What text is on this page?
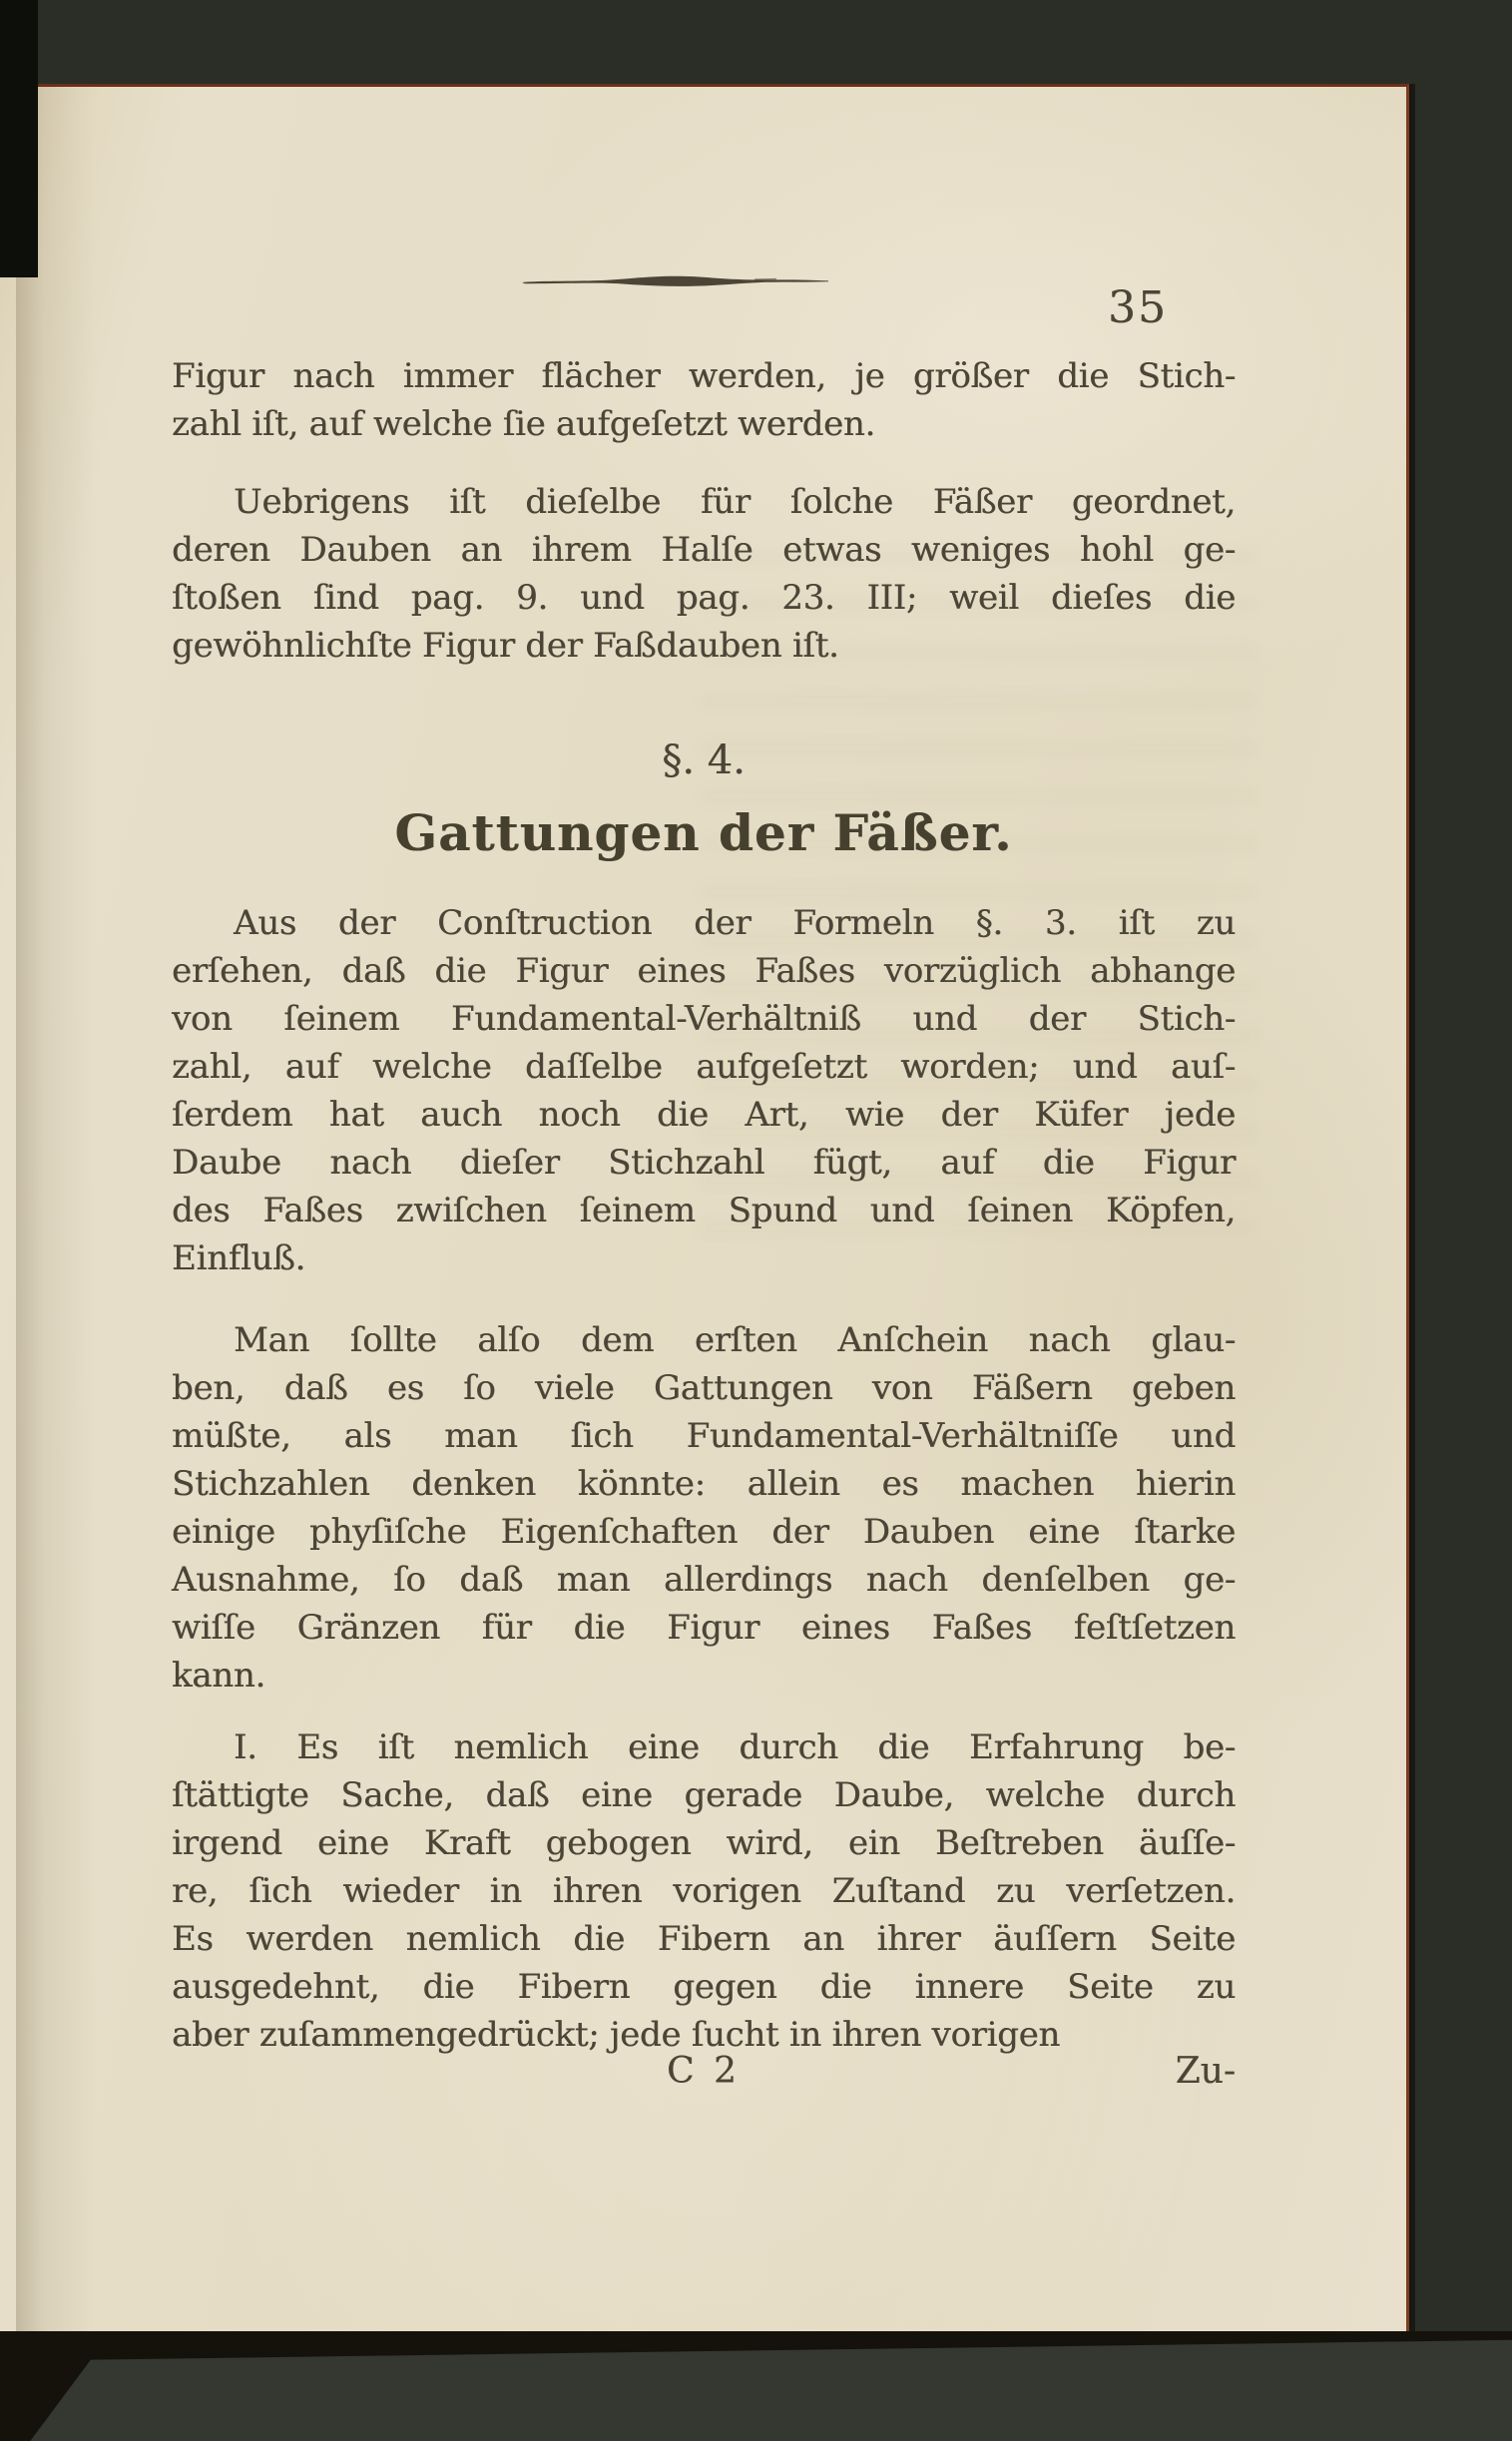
35
Figur nach immer flächer werden, je größer die Stich-
zahl iſt, auf welche ſie aufgeſetzt werden.
Uebrigens iſt dieſelbe für ſolche Fäßer geordnet,
deren Dauben an ihrem Halſe etwas weniges hohl ge-
ſtoßen ſind pag. 9. und pag. 23. III; weil dieſes die
gewöhnlichſte Figur der Faßdauben iſt.
§. 4.
Gattungen der Fäßer.
Aus der Conſtruction der Formeln §. 3. iſt zu
erſehen, daß die Figur eines Faßes vorzüglich abhange
von ſeinem Fundamental-Verhältniß und der Stich-
zahl, auf welche daſſelbe aufgeſetzt worden; und auſ-
ſerdem hat auch noch die Art, wie der Küfer jede
Daube nach dieſer Stichzahl fügt, auf die Figur
des Faßes zwiſchen ſeinem Spund und ſeinen Köpfen,
Einfluß.
Man ſollte alſo dem erſten Anſchein nach glau-
ben, daß es ſo viele Gattungen von Fäßern geben
müßte, als man ſich Fundamental-Verhältniſſe und
Stichzahlen denken könnte: allein es machen hierin
einige phyſiſche Eigenſchaften der Dauben eine ſtarke
Ausnahme, ſo daß man allerdings nach denſelben ge-
wiſſe Gränzen für die Figur eines Faßes feſtſetzen
kann.
I. Es iſt nemlich eine durch die Erfahrung be-
ſtättigte Sache, daß eine gerade Daube, welche durch
irgend eine Kraft gebogen wird, ein Beſtreben äuſſe-
re, ſich wieder in ihren vorigen Zuſtand zu verſetzen.
Es werden nemlich die Fibern an ihrer äuſſern Seite
ausgedehnt, die Fibern gegen die innere Seite zu
aber zuſammengedrückt; jede ſucht in ihren vorigen
C 2	Zu-
